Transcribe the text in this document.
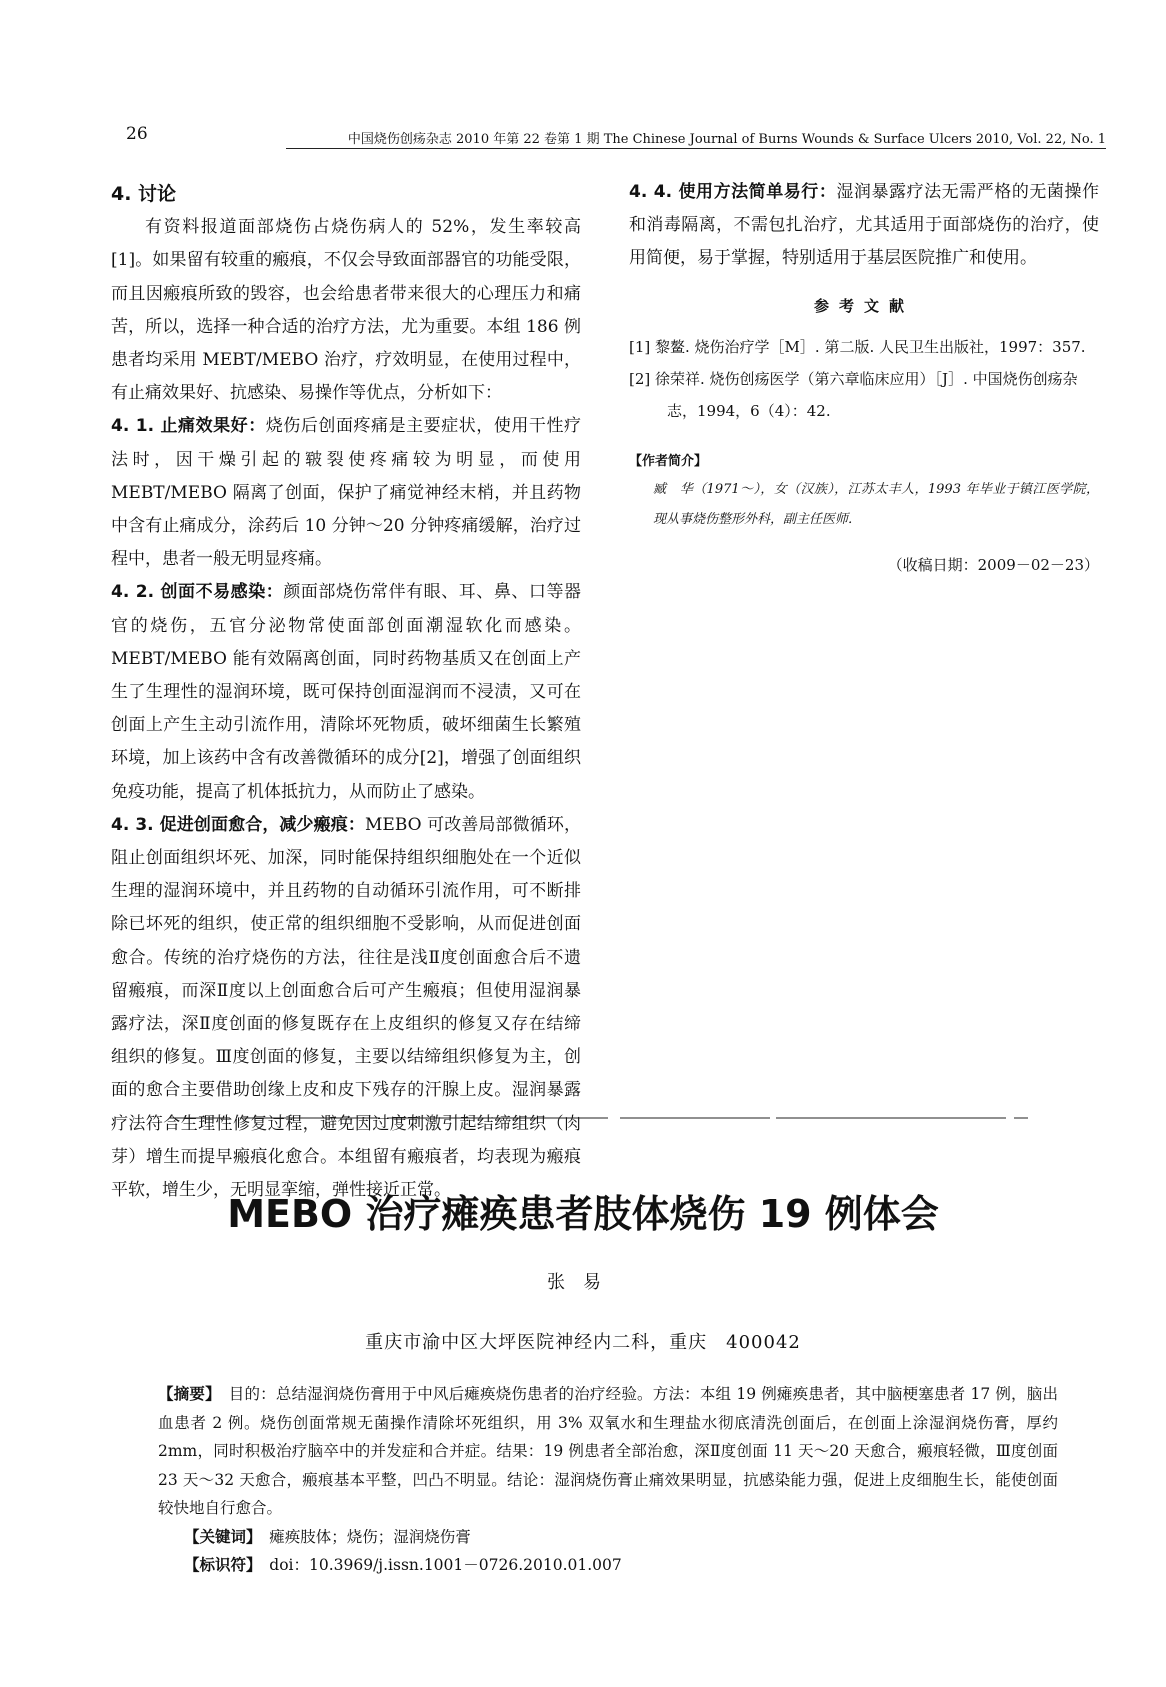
26	中国烧伤创疡杂志 2010 年第 22 卷第 1 期 The Chinese Journal of Burns Wounds & Surface Ulcers 2010, Vol. 22, No. 1

4. 讨论

有资料报道面部烧伤占烧伤病人的 52%，发生率较高[1]。如果留有较重的瘢痕，不仅会导致面部器官的功能受限，而且因瘢痕所致的毁容，也会给患者带来很大的心理压力和痛苦，所以，选择一种合适的治疗方法，尤为重要。本组 186 例患者均采用 MEBT/MEBO 治疗，疗效明显，在使用过程中，有止痛效果好、抗感染、易操作等优点，分析如下：

4. 1. 止痛效果好：烧伤后创面疼痛是主要症状，使用干性疗法时，因干燥引起的皲裂使疼痛较为明显，而使用 MEBT/MEBO 隔离了创面，保护了痛觉神经末梢，并且药物中含有止痛成分，涂药后 10 分钟～20 分钟疼痛缓解，治疗过程中，患者一般无明显疼痛。

4. 2. 创面不易感染：颜面部烧伤常伴有眼、耳、鼻、口等器官的烧伤，五官分泌物常使面部创面潮湿软化而感染。MEBT/MEBO 能有效隔离创面，同时药物基质又在创面上产生了生理性的湿润环境，既可保持创面湿润而不浸渍，又可在创面上产生主动引流作用，清除坏死物质，破坏细菌生长繁殖环境，加上该药中含有改善微循环的成分[2]，增强了创面组织免疫功能，提高了机体抵抗力，从而防止了感染。

4. 3. 促进创面愈合，减少瘢痕：MEBO 可改善局部微循环，阻止创面组织坏死、加深，同时能保持组织细胞处在一个近似生理的湿润环境中，并且药物的自动循环引流作用，可不断排除已坏死的组织，使正常的组织细胞不受影响，从而促进创面愈合。传统的治疗烧伤的方法，往往是浅Ⅱ度创面愈合后不遗留瘢痕，而深Ⅱ度以上创面愈合后可产生瘢痕；但使用湿润暴露疗法，深Ⅱ度创面的修复既存在上皮组织的修复又存在结缔组织的修复。Ⅲ度创面的修复，主要以结缔组织修复为主，创面的愈合主要借助创缘上皮和皮下残存的汗腺上皮。湿润暴露疗法符合生理性修复过程，避免因过度刺激引起结缔组织（肉芽）增生而提早瘢痕化愈合。本组留有瘢痕者，均表现为瘢痕平软，增生少，无明显挛缩，弹性接近正常。

4. 4. 使用方法简单易行：湿润暴露疗法无需严格的无菌操作和消毒隔离，不需包扎治疗，尤其适用于面部烧伤的治疗，使用简便，易于掌握，特别适用于基层医院推广和使用。

参考文献
[1] 黎鳌. 烧伤治疗学［M］. 第二版. 人民卫生出版社，1997：357.
[2] 徐荣祥. 烧伤创疡医学（第六章临床应用）［J］. 中国烧伤创疡杂志，1994，6（4）：42.
【作者简介】
臧　华（1971～），女（汉族），江苏太丰人，1993 年毕业于镇江医学院，现从事烧伤整形外科，副主任医师．
（收稿日期：2009－02－23）
MEBO 治疗瘫痪患者肢体烧伤 19 例体会
张易
重庆市渝中区大坪医院神经内二科，重庆　400042

【摘要】　 目的：总结湿润烧伤膏用于中风后瘫痪烧伤患者的治疗经验。方法：本组 19 例瘫痪患者，其中脑梗塞患者 17 例，脑出血患者 2 例。烧伤创面常规无菌操作清除坏死组织，用 3% 双氧水和生理盐水彻底清洗创面后，在创面上涂湿润烧伤膏，厚约 2mm，同时积极治疗脑卒中的并发症和合并症。结果：19 例患者全部治愈，深Ⅱ度创面 11 天～20 天愈合，瘢痕轻微，Ⅲ度创面 23 天～32 天愈合，瘢痕基本平整，凹凸不明显。结论：湿润烧伤膏止痛效果明显，抗感染能力强，促进上皮细胞生长，能使创面较快地自行愈合。

【关键词】　 瘫痪肢体；烧伤；湿润烧伤膏

【标识符】　 doi：10.3969/j.issn.1001－0726.2010.01.007
